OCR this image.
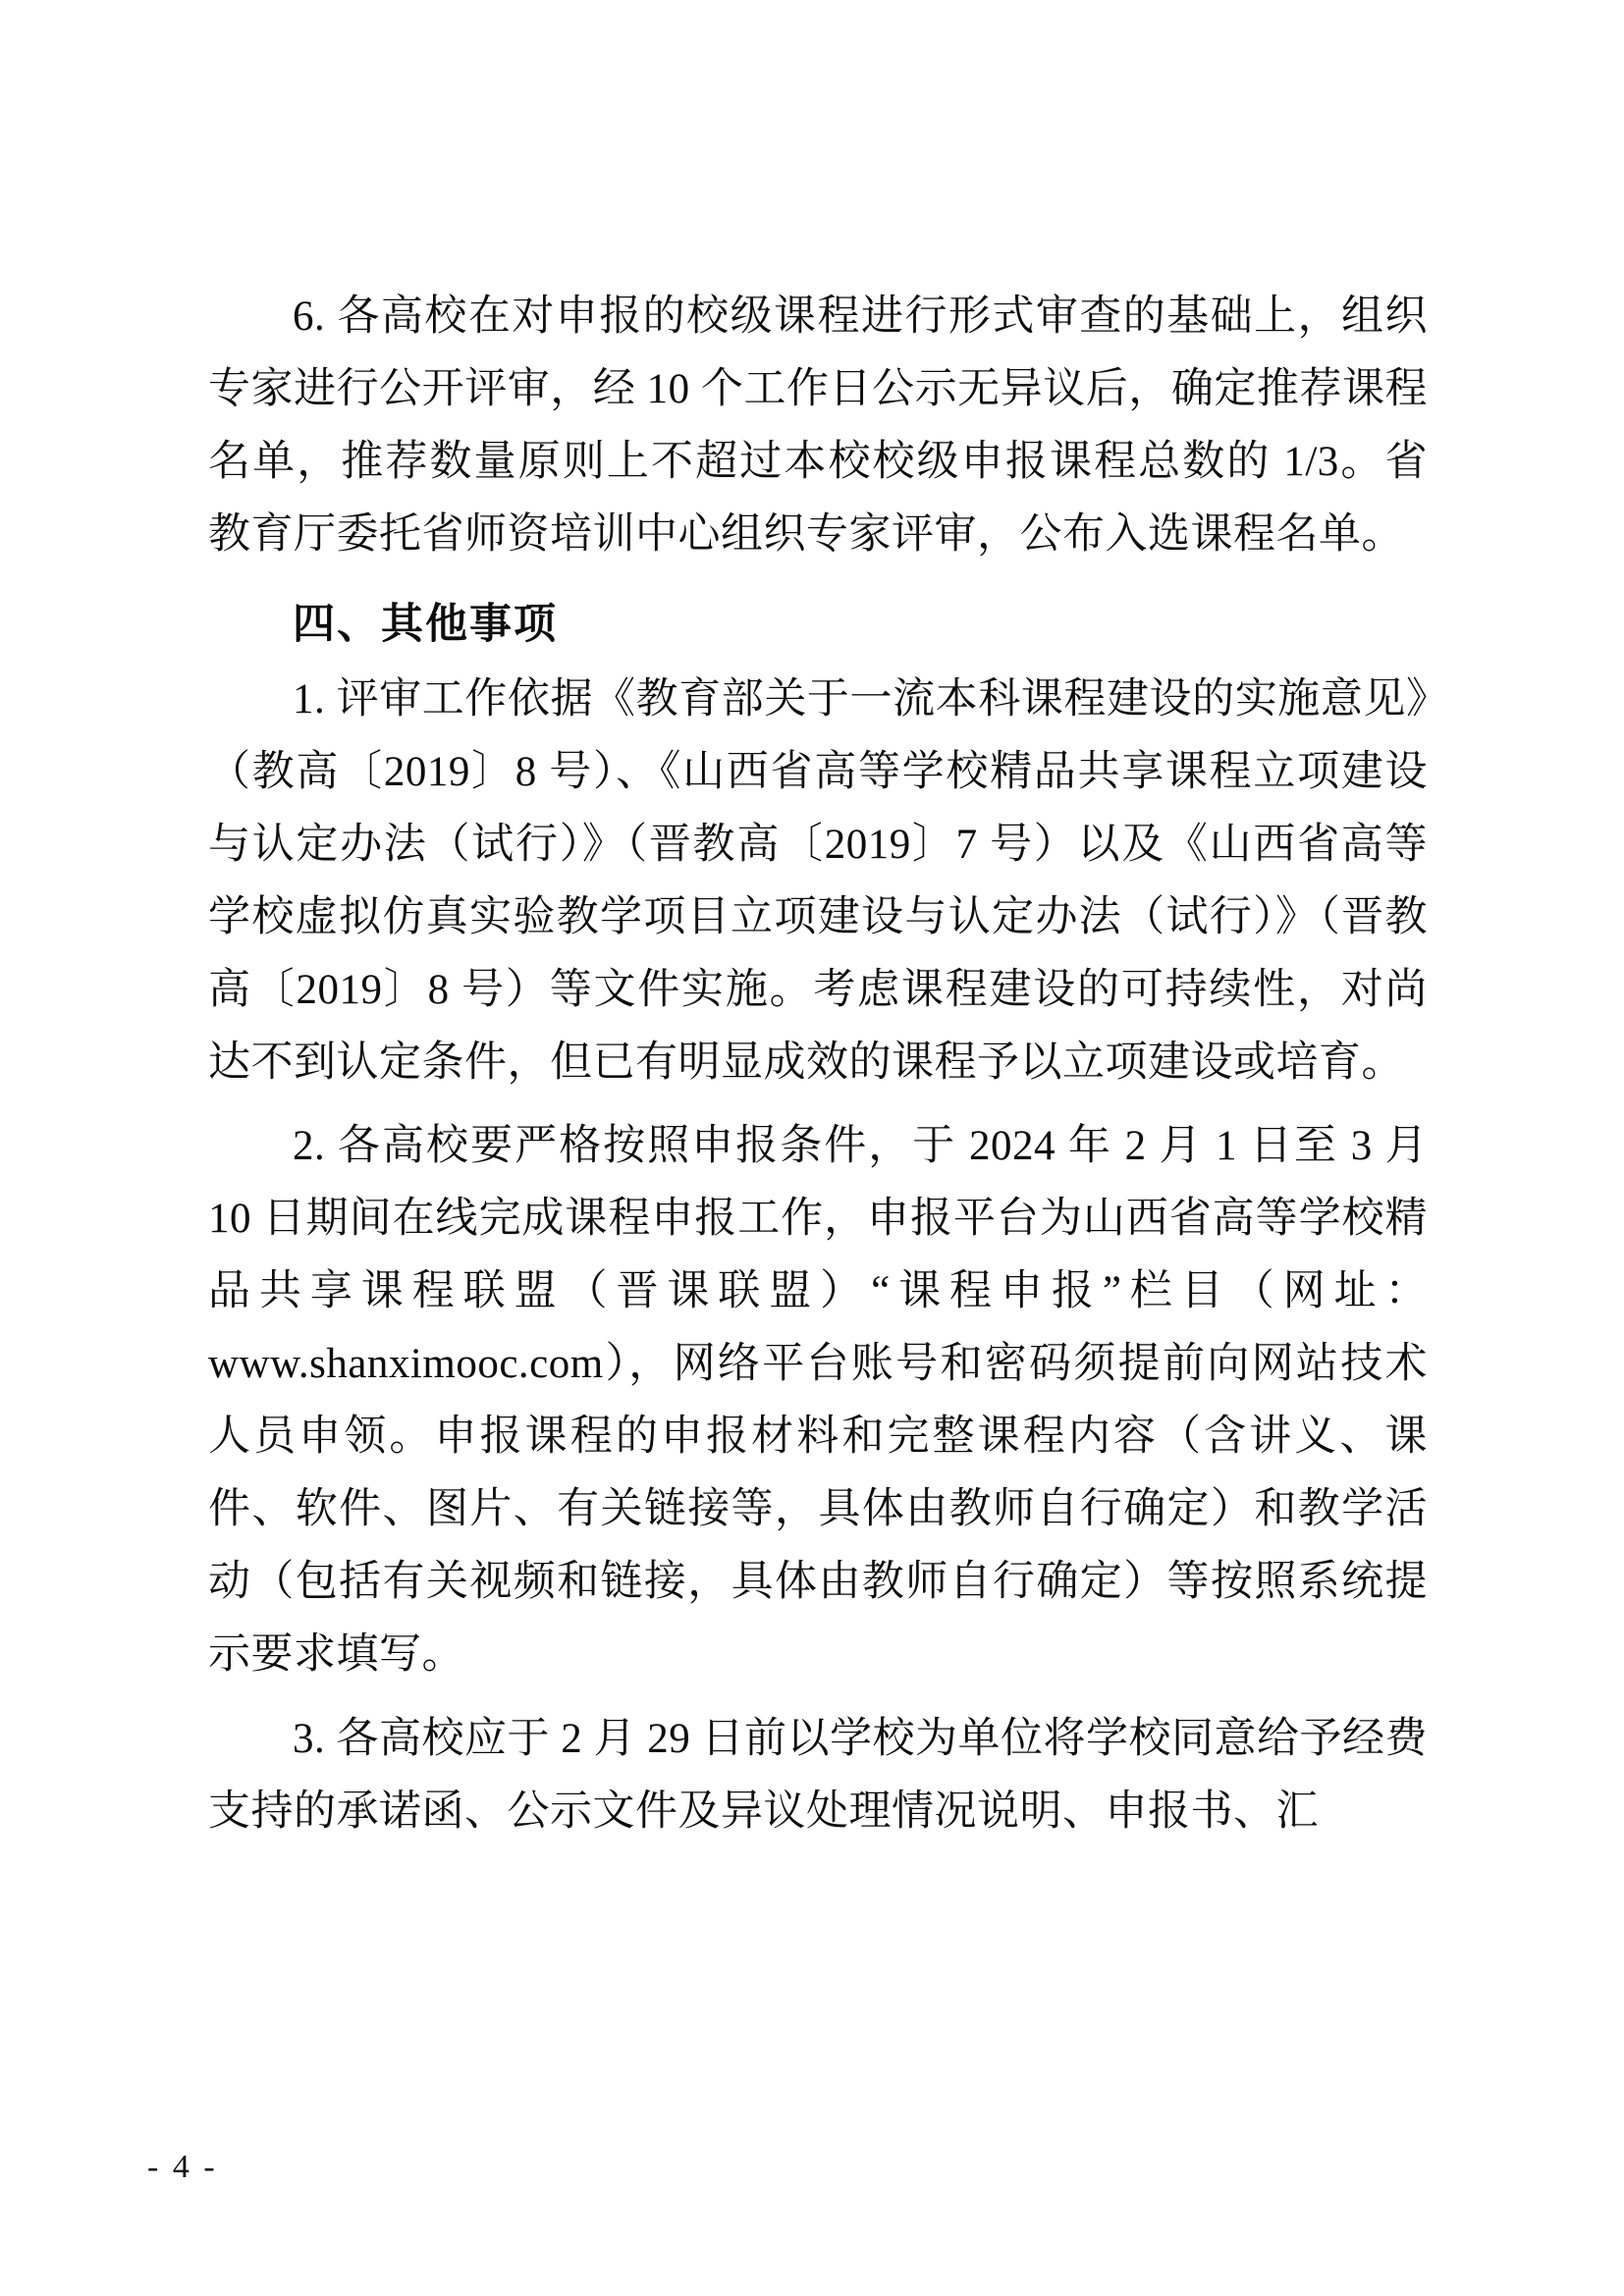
6. 各高校在对申报的校级课程进行形式审查的基础上，组织专家进行公开评审，经 10 个工作日公示无异议后，确定推荐课程名单，推荐数量原则上不超过本校校级申报课程总数的 1/3。省教育厅委托省师资培训中心组织专家评审，公布入选课程名单。

四、其他事项

1. 评审工作依据《教育部关于一流本科课程建设的实施意见》（教高〔2019〕8 号）、《山西省高等学校精品共享课程立项建设与认定办法（试行）》（晋教高〔2019〕7 号）以及《山西省高等学校虚拟仿真实验教学项目立项建设与认定办法（试行）》（晋教高〔2019〕8 号）等文件实施。考虑课程建设的可持续性，对尚达不到认定条件，但已有明显成效的课程予以立项建设或培育。

2. 各高校要严格按照申报条件，于 2024 年 2 月 1 日至 3 月 10 日期间在线完成课程申报工作，申报平台为山西省高等学校精品共享课程联盟（晋课联盟）“课程申报”栏目（网址：www.shanximooc.com），网络平台账号和密码须提前向网站技术人员申领。申报课程的申报材料和完整课程内容（含讲义、课件、软件、图片、有关链接等，具体由教师自行确定）和教学活动（包括有关视频和链接，具体由教师自行确定）等按照系统提示要求填写。

3. 各高校应于 2 月 29 日前以学校为单位将学校同意给予经费支持的承诺函、公示文件及异议处理情况说明、申报书、汇

- 4 -
